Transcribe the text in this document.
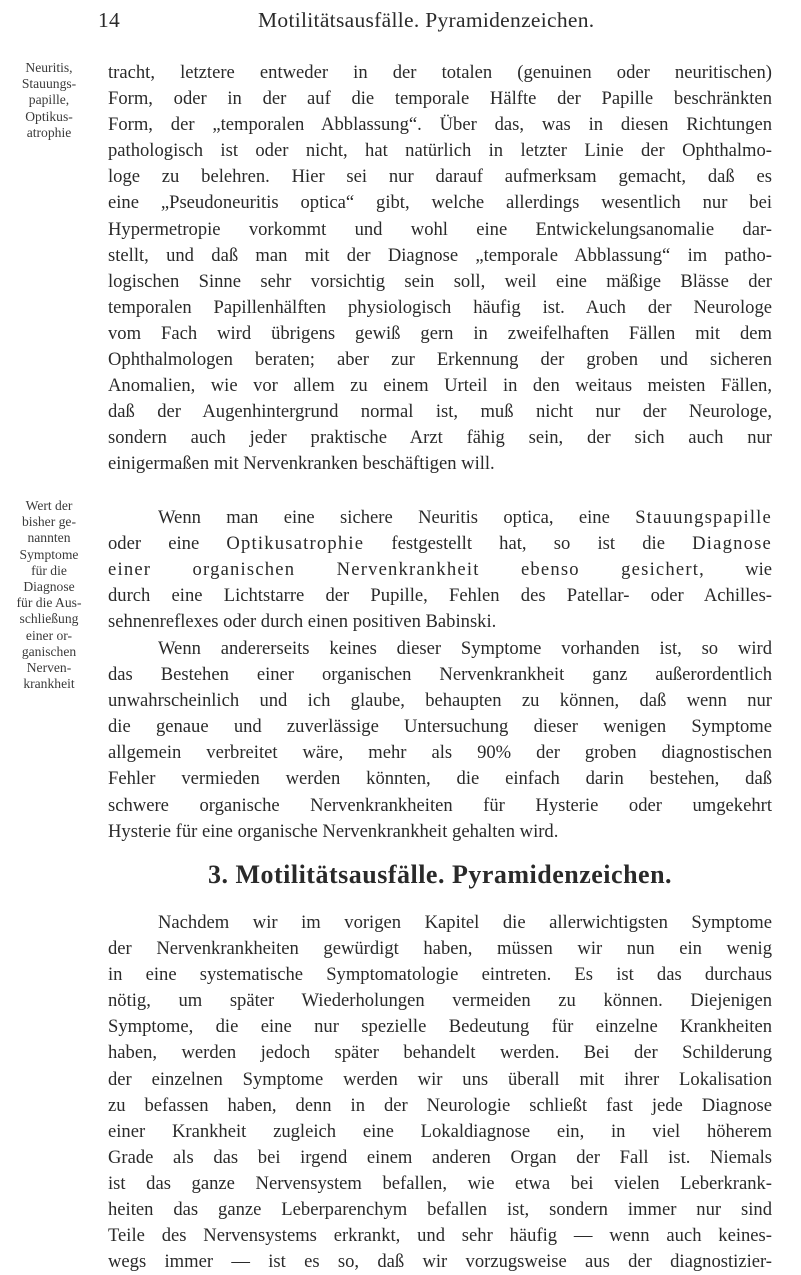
14	Motilitätsausfälle. Pyramidenzeichen.
Neuritis,
Stauungs-
papille,
Optikus-
atrophie
tracht, letztere entweder in der totalen (genuinen oder neuritischen)
Form, oder in der auf die temporale Hälfte der Papille beschränkten
Form, der „temporalen Abblassung“. Über das, was in diesen Richtungen
pathologisch ist oder nicht, hat natürlich in letzter Linie der Ophthalmo-
loge zu belehren. Hier sei nur darauf aufmerksam gemacht, daß es
eine „Pseudoneuritis optica“ gibt, welche allerdings wesentlich nur bei
Hypermetropie vorkommt und wohl eine Entwickelungsanomalie dar-
stellt, und daß man mit der Diagnose „temporale Abblassung“ im patho-
logischen Sinne sehr vorsichtig sein soll, weil eine mäßige Blässe der
temporalen Papillenhälften physiologisch häufig ist. Auch der Neurologe
vom Fach wird übrigens gewiß gern in zweifelhaften Fällen mit dem
Ophthalmologen beraten; aber zur Erkennung der groben und sicheren
Anomalien, wie vor allem zu einem Urteil in den weitaus meisten Fällen,
daß der Augenhintergrund normal ist, muß nicht nur der Neurologe,
sondern auch jeder praktische Arzt fähig sein, der sich auch nur
einigermaßen mit Nervenkranken beschäftigen will.
Wert der
bisher ge-
nannten
Symptome
für die
Diagnose
für die Aus-
schließung
einer or-
ganischen
Nerven-
krankheit
Wenn man eine sichere Neuritis optica, eine Stauungspapille
oder eine Optikusatrophie festgestellt hat, so ist die Diagnose
einer organischen Nervenkrankheit ebenso gesichert, wie
durch eine Lichtstarre der Pupille, Fehlen des Patellar- oder Achilles-
sehnenreflexes oder durch einen positiven Babinski.
Wenn andererseits keines dieser Symptome vorhanden ist, so wird
das Bestehen einer organischen Nervenkrankheit ganz außerordentlich
unwahrscheinlich und ich glaube, behaupten zu können, daß wenn nur
die genaue und zuverlässige Untersuchung dieser wenigen Symptome
allgemein verbreitet wäre, mehr als 90% der groben diagnostischen
Fehler vermieden werden könnten, die einfach darin bestehen, daß
schwere organische Nervenkrankheiten für Hysterie oder umgekehrt
Hysterie für eine organische Nervenkrankheit gehalten wird.
3. Motilitätsausfälle. Pyramidenzeichen.
Nachdem wir im vorigen Kapitel die allerwichtigsten Symptome
der Nervenkrankheiten gewürdigt haben, müssen wir nun ein wenig
in eine systematische Symptomatologie eintreten. Es ist das durchaus
nötig, um später Wiederholungen vermeiden zu können. Diejenigen
Symptome, die eine nur spezielle Bedeutung für einzelne Krankheiten
haben, werden jedoch später behandelt werden. Bei der Schilderung
der einzelnen Symptome werden wir uns überall mit ihrer Lokalisation
zu befassen haben, denn in der Neurologie schließt fast jede Diagnose
einer Krankheit zugleich eine Lokaldiagnose ein, in viel höherem
Grade als das bei irgend einem anderen Organ der Fall ist. Niemals
ist das ganze Nervensystem befallen, wie etwa bei vielen Leberkrank-
heiten das ganze Leberparenchym befallen ist, sondern immer nur sind
Teile des Nervensystems erkrankt, und sehr häufig — wenn auch keines-
wegs immer — ist es so, daß wir vorzugsweise aus der diagnostizier-
